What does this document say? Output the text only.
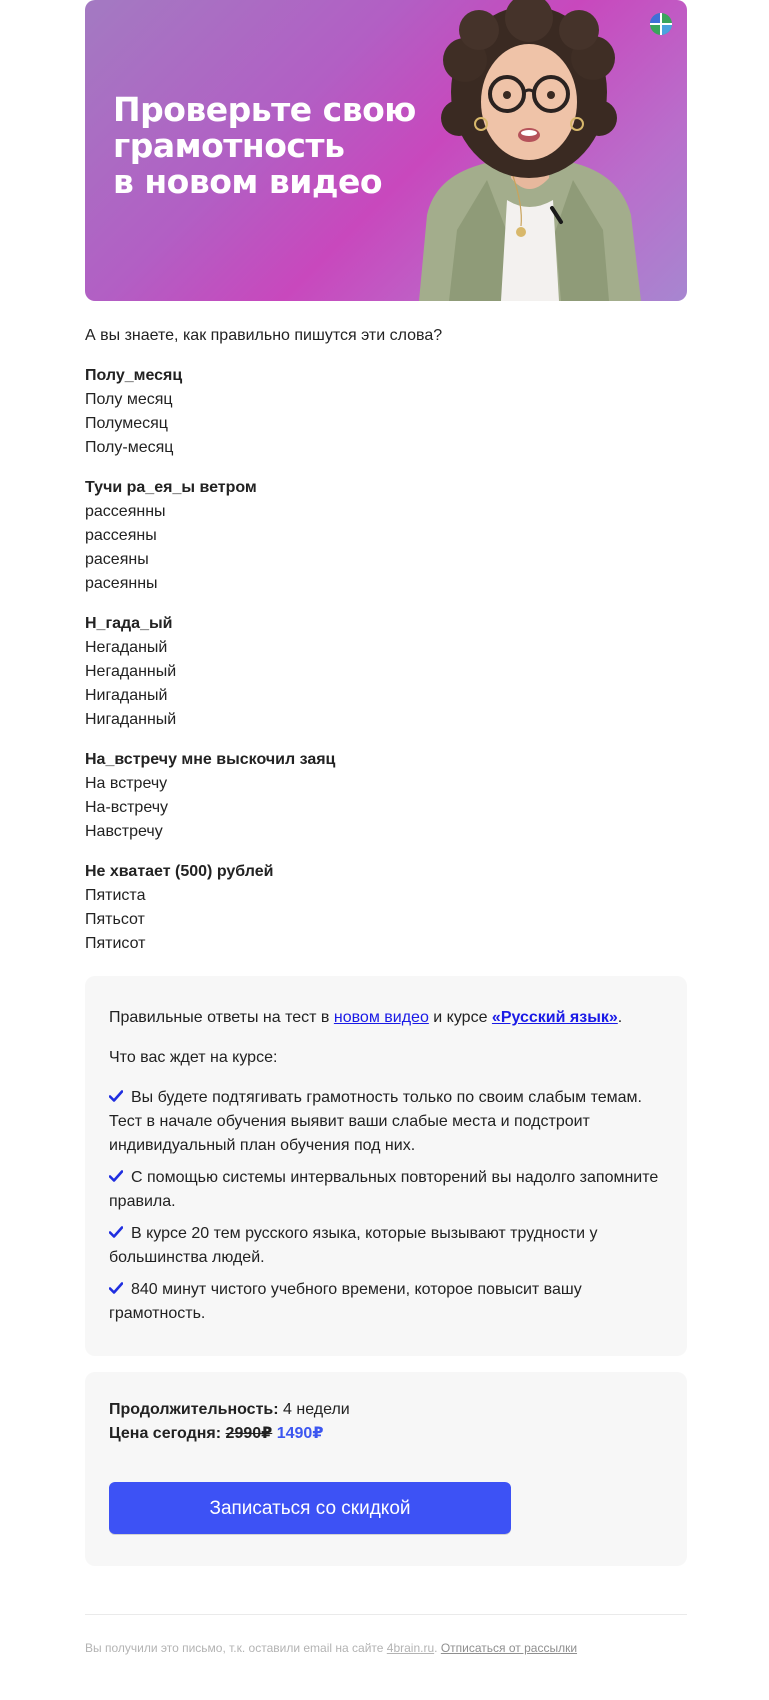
Проверьте свою
грамотность
в новом видео
А вы знаете, как правильно пишутся эти слова?
Полу_месяц
Полу месяц
Полумесяц
Полу-месяц
Тучи ра_ея_ы ветром
рассеянны
рассеяны
расеяны
расеянны
Н_гада_ый
Негаданый
Негаданный
Нигаданый
Нигаданный
На_встречу мне выскочил заяц
На встречу
На-встречу
Навстречу
Не хватает (500) рублей
Пятиста
Пятьсот
Пятисот

Правильные ответы на тест в новом видео и курсе «Русский язык».

Что вас ждет на курсе:

Вы будете подтягивать грамотность только по своим слабым темам. Тест в начале обучения выявит ваши слабые места и подстроит индивидуальный план обучения под них.
С помощью системы интервальных повторений вы надолго запомните правила.
В курсе 20 тем русского языка, которые вызывают трудности у большинства людей.
840 минут чистого учебного времени, которое повысит вашу грамотность.

Продолжительность: 4 недели

Цена сегодня: 2990₽ 1490₽

Записаться со скидкой
Вы получили это письмо, т.к. оставили email на сайте 4brain.ru. Отписаться от рассылки
